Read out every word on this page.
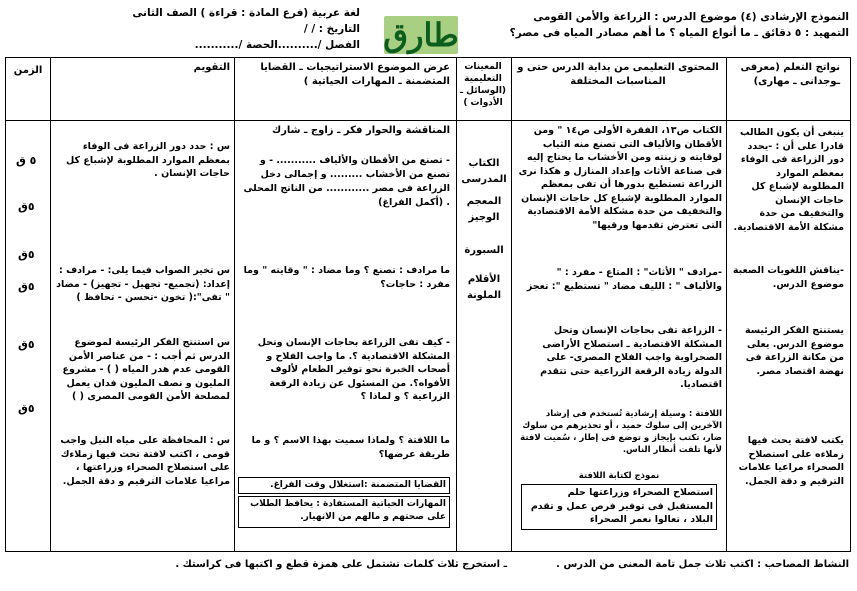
النموذج الإرشادى (٤) موضوع الدرس : الزراعة والأمن القومى
التمهيد : ٥ دقائق ـ ما أنواع المياه ؟ ما أهم مصادر المياه فى مصر؟
لغة عربية (فرع المادة : قراءة ) الصف الثانى
التاريخ : / /
الفصل /..........الحصة /........... طارق
نواتج التعلم (معرفى ـوجدانى ـ مهارى)
المحتوى التعليمى من بداية الدرس حتى و المناسبات المختلفة
المعينات التعليمية (الوسائل ـ الأدوات )
عرض الموضوع الاستراتيجيات ـ القضايا المتضمنة ـ المهارات الحياتية )
التقويم
الزمن
ينبغى أن يكون الطالب قادرا على أن : -يحدد دور الزراعة فى الوفاء بمعظم الموارد المطلوبة لإشباع كل حاجات الإنسان والتخفيف من حدة مشكلة الأمة الاقتصادية.
-يناقش اللغويات الصعبة موضوع الدرس.
يستنتج الفكر الرئيسة موضوع الدرس. يعلى من مكانة الزراعة فى نهضة اقتصاد مصر.
يكتب لافتة يحث فيها زملاءه على استصلاح الصحراء مراعيا علامات الترقيم و دقة الجمل.
الكتاب ص١٣، الفقرة الأولى ص١٤ " ومن الأقطان والألياف التى تصنع منه الثياب لوقايته و زينته ومن الأخشاب ما يحتاج إليه فى صناعة الأثاث وإعداد المنازل و هكذا نرى الزراعة تستطيع بدورها أن تفى بمعظم الموارد المطلوبة لإشباع كل حاجات الإنسان والتخفيف من حدة مشكلة الأمة الاقتصادية التى تعترض تقدمها ورقيها"
-مرادف " الأثاث" : المتاع - مفرد : " والألياف " : الليف مضاد " تستطيع ": تعجز
- الزراعة تفى بحاجات الإنسان وتحل المشكلة الاقتصادية ـ استصلاح الأراضى الصحراوية واجب الفلاح المصرى- على الدولة زيادة الرقعة الزراعية حتى تتقدم اقتصاديا.
اللافتة : وسيلة إرشادية تُستخدم فى إرشاد الآخرين إلى سلوك حميد ، أو تحذيرهم من سلوك ضار، تكتب بإيجاز و توضع فى إطار ، سُميت لافتة لأنها تلفت أنظار الناس.
نموذج لكتابة اللافتة
استصلاح الصحراء وزراعتها حلم المستقبل فى توفير فرص عمل و تقدم البلاد ، تعالوا نعمر الصحراء
الكتاب المدرسى
المعجم الوجيز
السبورة
الأقلام الملونة
المناقشة والحوار فكر ـ زاوج ـ شارك
- تصنع من الأقطان والألياف ........... - و تصنع من الأخشاب ......... و إجمالى دخل الزراعة فى مصر ............ من الناتج المحلى . (أكمل الفراغ)
ما مرادف : تصنع ؟ وما مضاد : " وقايته " وما مفرد : حاجات؟
- كيف تفى الزراعة بحاجات الإنسان وتحل المشكلة الاقتصادية ؟. ما واجب الفلاح و أصحاب الخبرة نحو توفير الطعام لألوف الأفواه؟. من المسئول عن زيادة الرقعة الزراعية ؟ و لماذا ؟
ما اللافتة ؟ ولماذا سميت بهذا الاسم ؟ و ما طريقة عرضها؟
القضايا المتضمنة :استغلال وقت الفراغ.
المهارات الحياتية المستفادة : يحافظ الطلاب على صحتهم و مالهم من الانهيار.
س : حدد دور الزراعة فى الوفاء بمعظم الموارد المطلوبة لإشباع كل حاجات الإنسان .
س تخير الصواب فيما يلى: - مرادف : إعداد: (تجميع- تجهيل - تجهيز) - مضاد " تفى":( تخون -تحسن - تحافظ )
س استنتج الفكر الرئيسة لموضوع الدرس ثم أجب : - من عناصر الأمن القومى عدم هدر المياه ( ) - مشروع المليون و نصف المليون فدان يعمل لمصلحة الأمن القومى المصرى ( )
س : المحافظة على مياه النيل واجب قومى ، اكتب لافتة تحث فيها زملاءك على استصلاح الصحراء وزراعتها ، مراعيا علامات الترقيم و دقة الجمل.
٥ ق
٥ق
٥ق
٥ق
٥ق
٥ق
النشاط المصاحب : اكتب ثلاث جمل تامة المعنى من الدرس .
ـ استخرج ثلاث كلمات تشتمل على همزة قطع و اكتبها فى كراستك .
